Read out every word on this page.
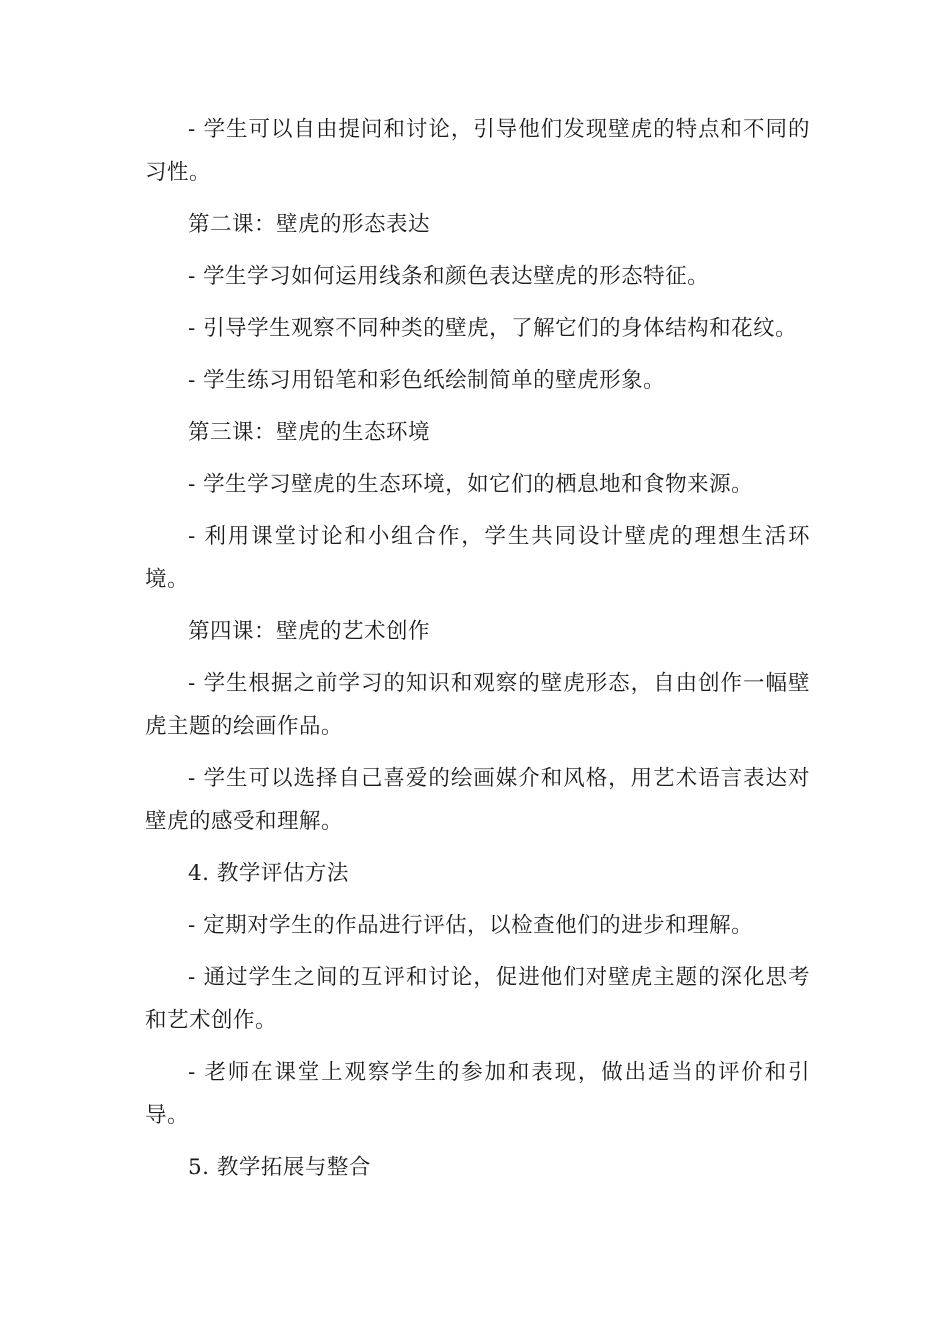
- 学生可以自由提问和讨论，引导他们发现壁虎的特点和不同的习性。

第二课：壁虎的形态表达

- 学生学习如何运用线条和颜色表达壁虎的形态特征。

- 引导学生观察不同种类的壁虎，了解它们的身体结构和花纹。

- 学生练习用铅笔和彩色纸绘制简单的壁虎形象。

第三课：壁虎的生态环境

- 学生学习壁虎的生态环境，如它们的栖息地和食物来源。

- 利用课堂讨论和小组合作，学生共同设计壁虎的理想生活环境。

第四课：壁虎的艺术创作

- 学生根据之前学习的知识和观察的壁虎形态，自由创作一幅壁虎主题的绘画作品。

- 学生可以选择自己喜爱的绘画媒介和风格，用艺术语言表达对壁虎的感受和理解。

4. 教学评估方法

- 定期对学生的作品进行评估，以检查他们的进步和理解。

- 通过学生之间的互评和讨论，促进他们对壁虎主题的深化思考和艺术创作。

- 老师在课堂上观察学生的参加和表现，做出适当的评价和引导。

5. 教学拓展与整合
